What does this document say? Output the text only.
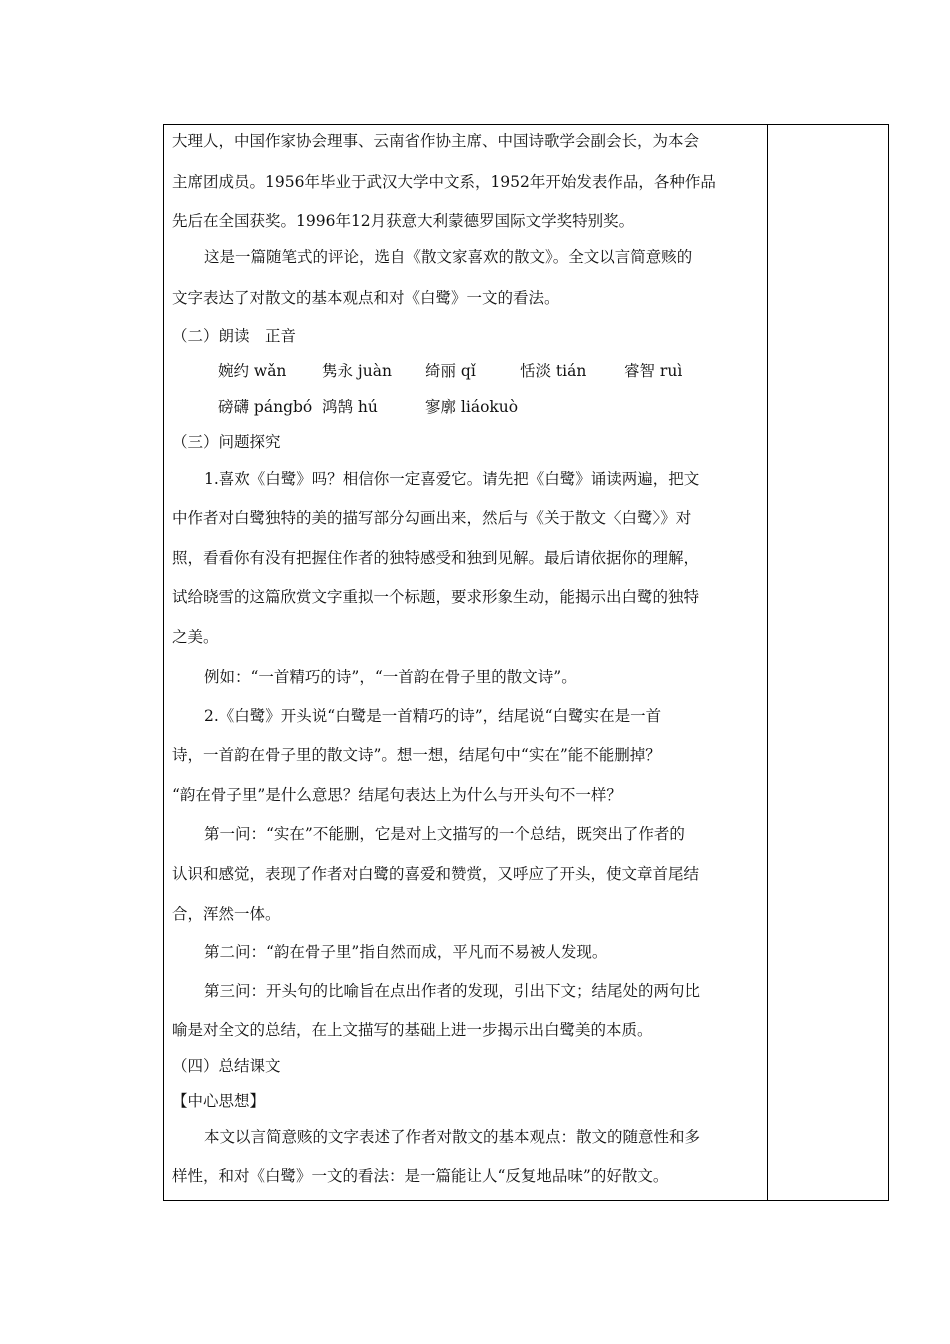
大理人，中国作家协会理事、云南省作协主席、中国诗歌学会副会长，为本会
主席团成员。1956年毕业于武汉大学中文系，1952年开始发表作品，各种作品
先后在全国获奖。1996年12月获意大利蒙德罗国际文学奖特别奖。
这是一篇随笔式的评论，选自《散文家喜欢的散文》。全文以言简意赅的
文字表达了对散文的基本观点和对《白鹭》一文的看法。
（二）朗读　正音
婉约 wǎn 隽永 juàn 绮丽 qǐ	恬淡 tián 睿智 ruì
磅礴 pángbó 鸿鹄 hú	寥廓 liáokuò
（三）问题探究
1.喜欢《白鹭》吗？相信你一定喜爱它。请先把《白鹭》诵读两遍，把文
中作者对白鹭独特的美的描写部分勾画出来，然后与《关于散文〈白鹭〉》对
照，看看你有没有把握住作者的独特感受和独到见解。最后请依据你的理解，
试给晓雪的这篇欣赏文字重拟一个标题，要求形象生动，能揭示出白鹭的独特
之美。
例如：“一首精巧的诗”，“一首韵在骨子里的散文诗”。
2.《白鹭》开头说“白鹭是一首精巧的诗”，结尾说“白鹭实在是一首
诗，一首韵在骨子里的散文诗”。想一想，结尾句中“实在”能不能删掉？
“韵在骨子里”是什么意思？结尾句表达上为什么与开头句不一样？
第一问：“实在”不能删，它是对上文描写的一个总结，既突出了作者的
认识和感觉，表现了作者对白鹭的喜爱和赞赏，又呼应了开头，使文章首尾结
合，浑然一体。
第二问：“韵在骨子里”指自然而成，平凡而不易被人发现。
第三问：开头句的比喻旨在点出作者的发现，引出下文；结尾处的两句比
喻是对全文的总结，在上文描写的基础上进一步揭示出白鹭美的本质。
（四）总结课文
【中心思想】
本文以言简意赅的文字表述了作者对散文的基本观点：散文的随意性和多
样性，和对《白鹭》一文的看法：是一篇能让人“反复地品味”的好散文。
